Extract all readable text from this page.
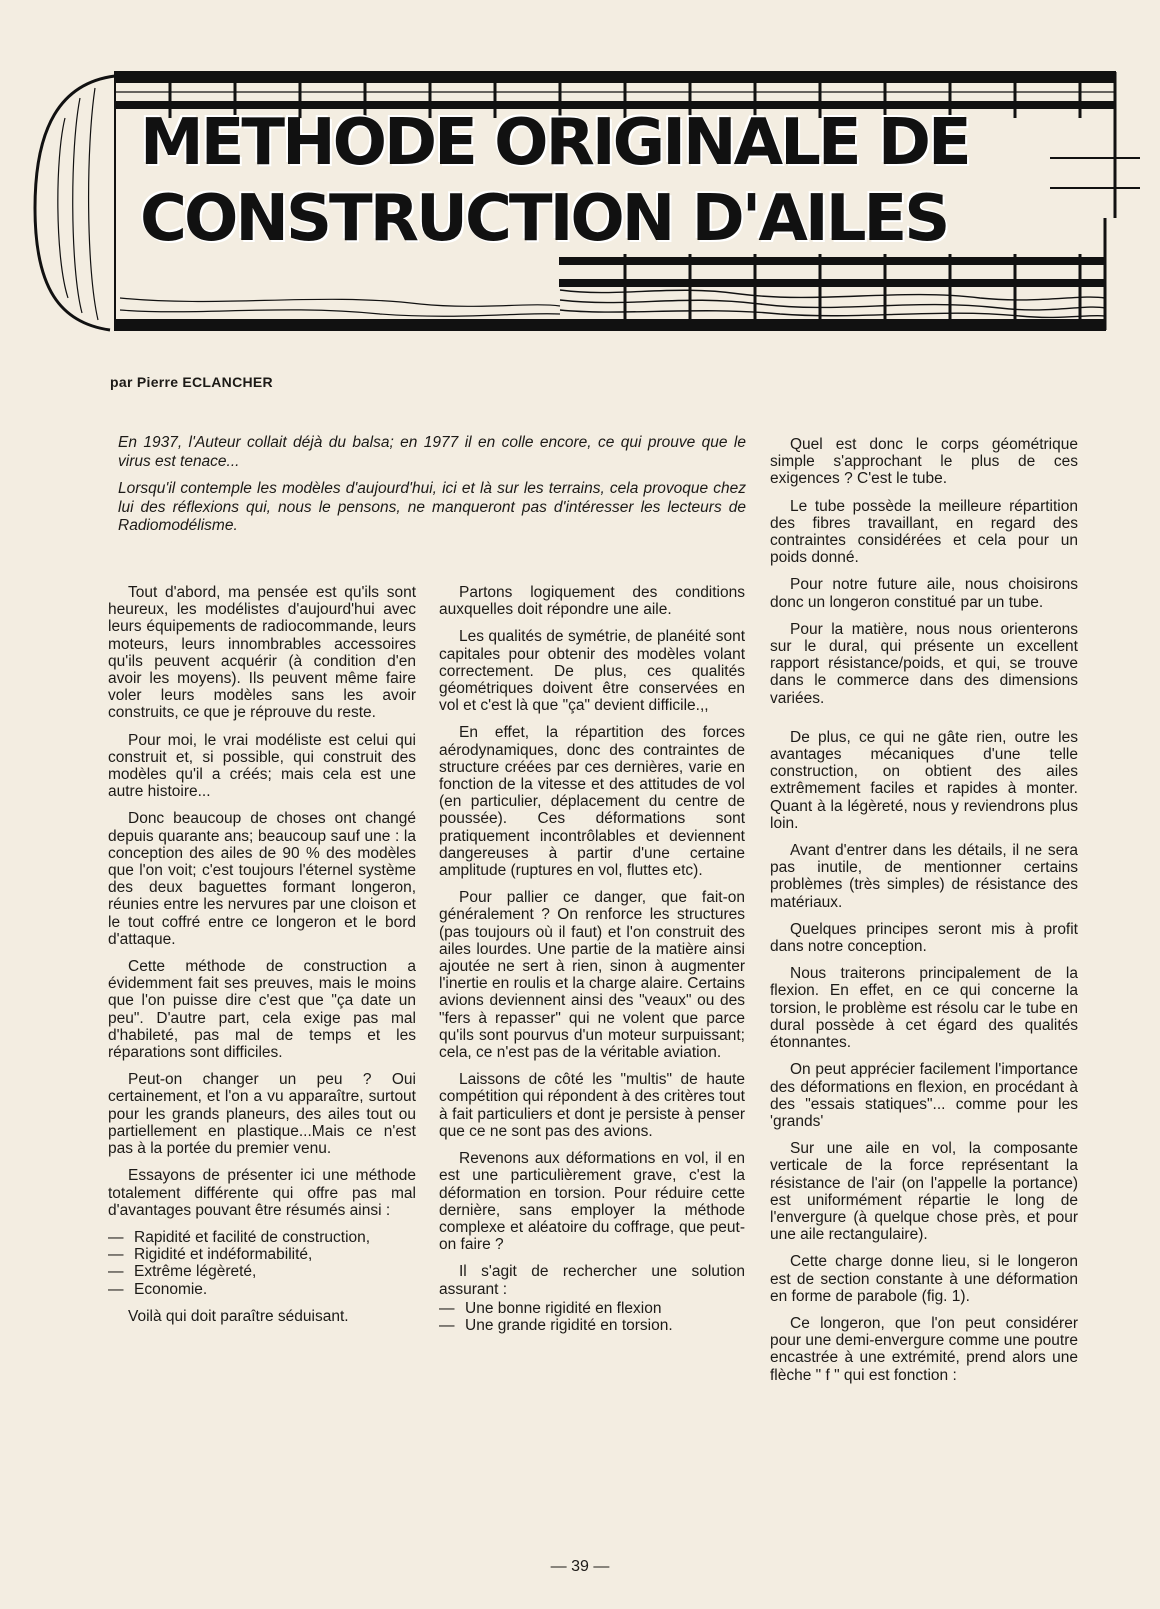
METHODE ORIGINALE DE
CONSTRUCTION D'AILES
par Pierre ECLANCHER

En 1937, l'Auteur collait déjà du balsa; en 1977 il en colle encore, ce qui prouve que le virus est tenace...

Lorsqu'il contemple les modèles d'aujourd'hui, ici et là sur les terrains, cela provoque chez lui des réflexions qui, nous le pensons, ne manqueront pas d'intéresser les lecteurs de Radiomodélisme.

Tout d'abord, ma pensée est qu'ils sont heureux, les modélistes d'aujourd'hui avec leurs équipements de radiocommande, leurs moteurs, leurs innombrables accessoires qu'ils peuvent acquérir (à condition d'en avoir les moyens). Ils peuvent même faire voler leurs modèles sans les avoir construits, ce que je réprouve du reste.

Pour moi, le vrai modéliste est celui qui construit et, si possible, qui construit des modèles qu'il a créés; mais cela est une autre histoire...

Donc beaucoup de choses ont changé depuis quarante ans; beaucoup sauf une : la conception des ailes de 90 % des modèles que l'on voit; c'est toujours l'éternel système des deux baguettes formant longeron, réunies entre les nervures par une cloison et le tout coffré entre ce longeron et le bord d'attaque.

Cette méthode de construction a évidemment fait ses preuves, mais le moins que l'on puisse dire c'est que "ça date un peu". D'autre part, cela exige pas mal d'habileté, pas mal de temps et les réparations sont difficiles.

Peut-on changer un peu ? Oui certainement, et l'on a vu apparaître, surtout pour les grands planeurs, des ailes tout ou partiellement en plastique...Mais ce n'est pas à la portée du premier venu.

Essayons de présenter ici une méthode totalement différente qui offre pas mal d'avantages pouvant être résumés ainsi :

— Rapidité et facilité de construction,
— Rigidité et indéformabilité,
— Extrême légèreté,
— Economie.

Voilà qui doit paraître séduisant.

Partons logiquement des conditions auxquelles doit répondre une aile.

Les qualités de symétrie, de planéité sont capitales pour obtenir des modèles volant correctement. De plus, ces qualités géométriques doivent être conservées en vol et c'est là que "ça" devient difficile.,,

En effet, la répartition des forces aérodynamiques, donc des contraintes de structure créées par ces dernières, varie en fonction de la vitesse et des attitudes de vol (en particulier, déplacement du centre de poussée). Ces déformations sont pratiquement incontrôlables et deviennent dangereuses à partir d'une certaine amplitude (ruptures en vol, fluttes etc).

Pour pallier ce danger, que fait-on généralement ? On renforce les structures (pas toujours où il faut) et l'on construit des ailes lourdes. Une partie de la matière ainsi ajoutée ne sert à rien, sinon à augmenter l'inertie en roulis et la charge alaire. Certains avions deviennent ainsi des "veaux" ou des "fers à repasser" qui ne volent que parce qu'ils sont pourvus d'un moteur surpuissant; cela, ce n'est pas de la véritable aviation.

Laissons de côté les "multis" de haute compétition qui répondent à des critères tout à fait particuliers et dont je persiste à penser que ce ne sont pas des avions.

Revenons aux déformations en vol, il en est une particulièrement grave, c'est la déformation en torsion. Pour réduire cette dernière, sans employer la méthode complexe et aléatoire du coffrage, que peut-on faire ?

Il s'agit de rechercher une solution assurant :

— Une bonne rigidité en flexion
— Une grande rigidité en torsion.

Quel est donc le corps géométrique simple s'approchant le plus de ces exigences ? C'est le tube.

Le tube possède la meilleure répartition des fibres travaillant, en regard des contraintes considérées et cela pour un poids donné.

Pour notre future aile, nous choisirons donc un longeron constitué par un tube.

Pour la matière, nous nous orienterons sur le dural, qui présente un excellent rapport résistance/poids, et qui, se trouve dans le commerce dans des dimensions variées.

De plus, ce qui ne gâte rien, outre les avantages mécaniques d'une telle construction, on obtient des ailes extrêmement faciles et rapides à monter. Quant à la légèreté, nous y reviendrons plus loin.

Avant d'entrer dans les détails, il ne sera pas inutile, de mentionner certains problèmes (très simples) de résistance des matériaux.

Quelques principes seront mis à profit dans notre conception.

Nous traiterons principalement de la flexion. En effet, en ce qui concerne la torsion, le problème est résolu car le tube en dural possède à cet égard des qualités étonnantes.

On peut apprécier facilement l'importance des déformations en flexion, en procédant à des "essais statiques"... comme pour les 'grands'

Sur une aile en vol, la composante verticale de la force représentant la résistance de l'air (on l'appelle la portance) est uniformément répartie le long de l'envergure (à quelque chose près, et pour une aile rectangulaire).

Cette charge donne lieu, si le longeron est de section constante à une déformation en forme de parabole (fig. 1).

Ce longeron, que l'on peut considérer pour une demi-envergure comme une poutre encastrée à une extrémité, prend alors une flèche " f " qui est fonction :

— 39 —
